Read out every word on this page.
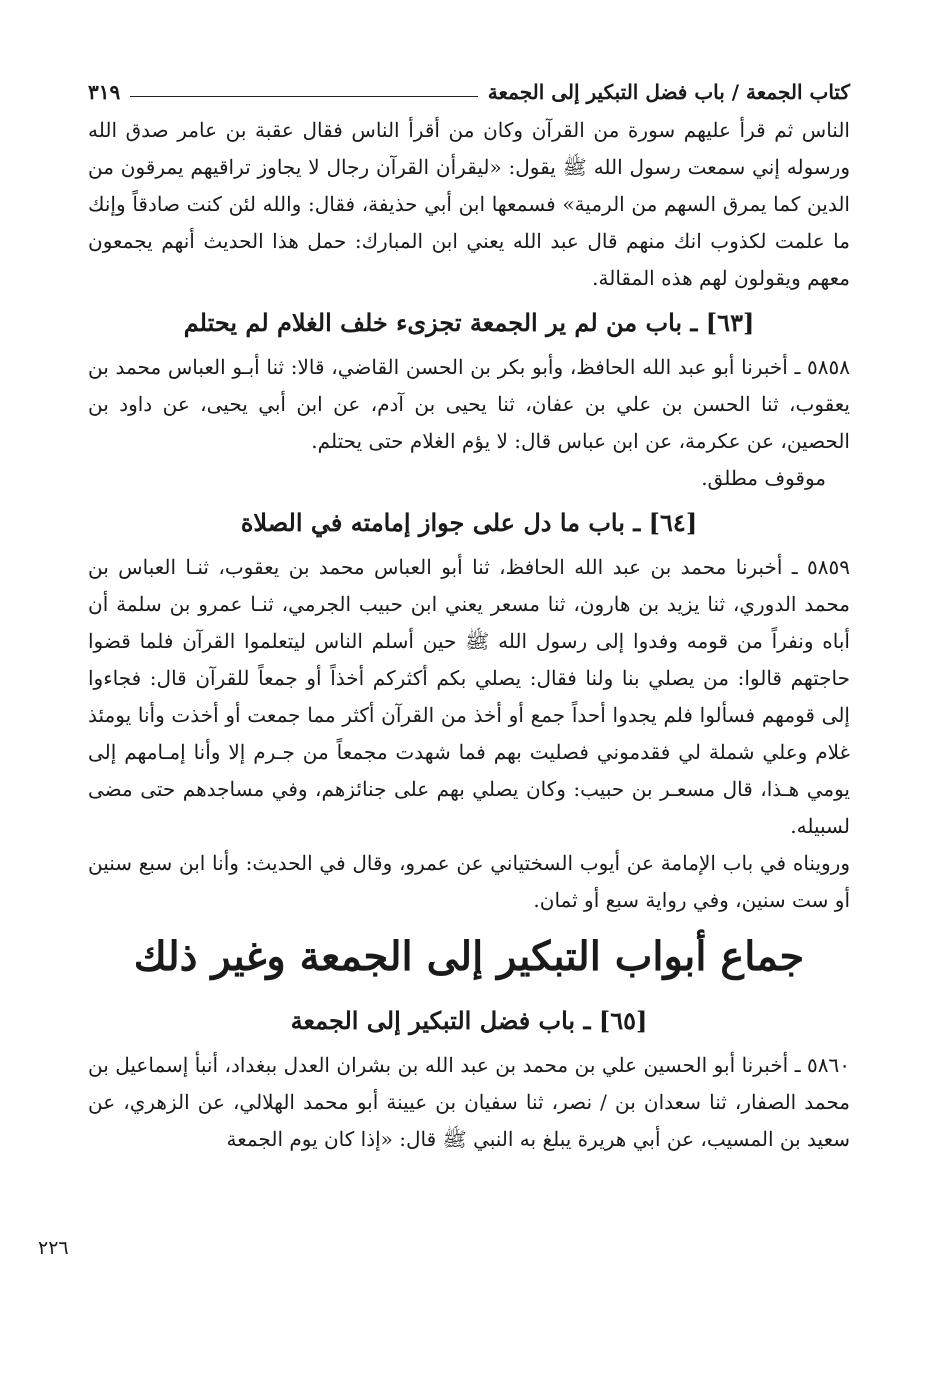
كتاب الجمعة / باب فضل التبكير إلى الجمعة
٣١٩

الناس ثم قرأ عليهم سورة من القرآن وكان من أقرأ الناس فقال عقبة بن عامر صدق الله ورسوله إني سمعت رسول الله ﷺ يقول: «ليقرأن القرآن رجال لا يجاوز تراقيهم يمرقون من الدين كما يمرق السهم من الرمية» فسمعها ابن أبي حذيفة، فقال: والله لئن كنت صادقاً وإنك ما علمت لكذوب انك منهم قال عبد الله يعني ابن المبارك: حمل هذا الحديث أنهم يجمعون معهم ويقولون لهم هذه المقالة.

[٦٣] ـ باب من لم ير الجمعة تجزىء خلف الغلام لم يحتلم

٥٨٥٨ ـ أخبرنا أبو عبد الله الحافظ، وأبو بكر بن الحسن القاضي، قالا: ثنا أبـو العباس محمد بن يعقوب، ثنا الحسن بن علي بن عفان، ثنا يحيى بن آدم، عن ابن أبي يحيى، عن داود بن الحصين، عن عكرمة، عن ابن عباس قال: لا يؤم الغلام حتى يحتلم.

موقوف مطلق.

[٦٤] ـ باب ما دل على جواز إمامته في الصلاة

٥٨٥٩ ـ أخبرنا محمد بن عبد الله الحافظ، ثنا أبو العباس محمد بن يعقوب، ثنـا العباس بن محمد الدوري، ثنا يزيد بن هارون، ثنا مسعر يعني ابن حبيب الجرمي، ثنـا عمرو بن سلمة أن أباه ونفراً من قومه وفدوا إلى رسول الله ﷺ حين أسلم الناس ليتعلموا القرآن فلما قضوا حاجتهم قالوا: من يصلي بنا ولنا فقال: يصلي بكم أكثركم أخذاً أو جمعاً للقرآن قال: فجاءوا إلى قومهم فسألوا فلم يجدوا أحداً جمع أو أخذ من القرآن أكثر مما جمعت أو أخذت وأنا يومئذ غلام وعلي شملة لي فقدموني فصليت بهم فما شهدت مجمعاً من جـرم إلا وأنا إمـامهم إلى يومي هـذا، قال مسعـر بن حبيب: وكان يصلي بهم على جنائزهم، وفي مساجدهم حتى مضى لسبيله.

ورويناه في باب الإمامة عن أيوب السختياني عن عمرو، وقال في الحديث: وأنا ابن سبع سنين أو ست سنين، وفي رواية سبع أو ثمان.

جماع أبواب التبكير إلى الجمعة وغير ذلك
[٦٥] ـ باب فضل التبكير إلى الجمعة

٥٨٦٠ ـ أخبرنا أبو الحسين علي بن محمد بن عبد الله بن بشران العدل ببغداد، أنبأ إسماعيل بن محمد الصفار، ثنا سعدان بن / نصر، ثنا سفيان بن عيينة أبو محمد الهلالي، عن الزهري، عن سعيد بن المسيب، عن أبي هريرة يبلغ به النبي ﷺ قال: «إذا كان يوم الجمعة

٢٢٦
